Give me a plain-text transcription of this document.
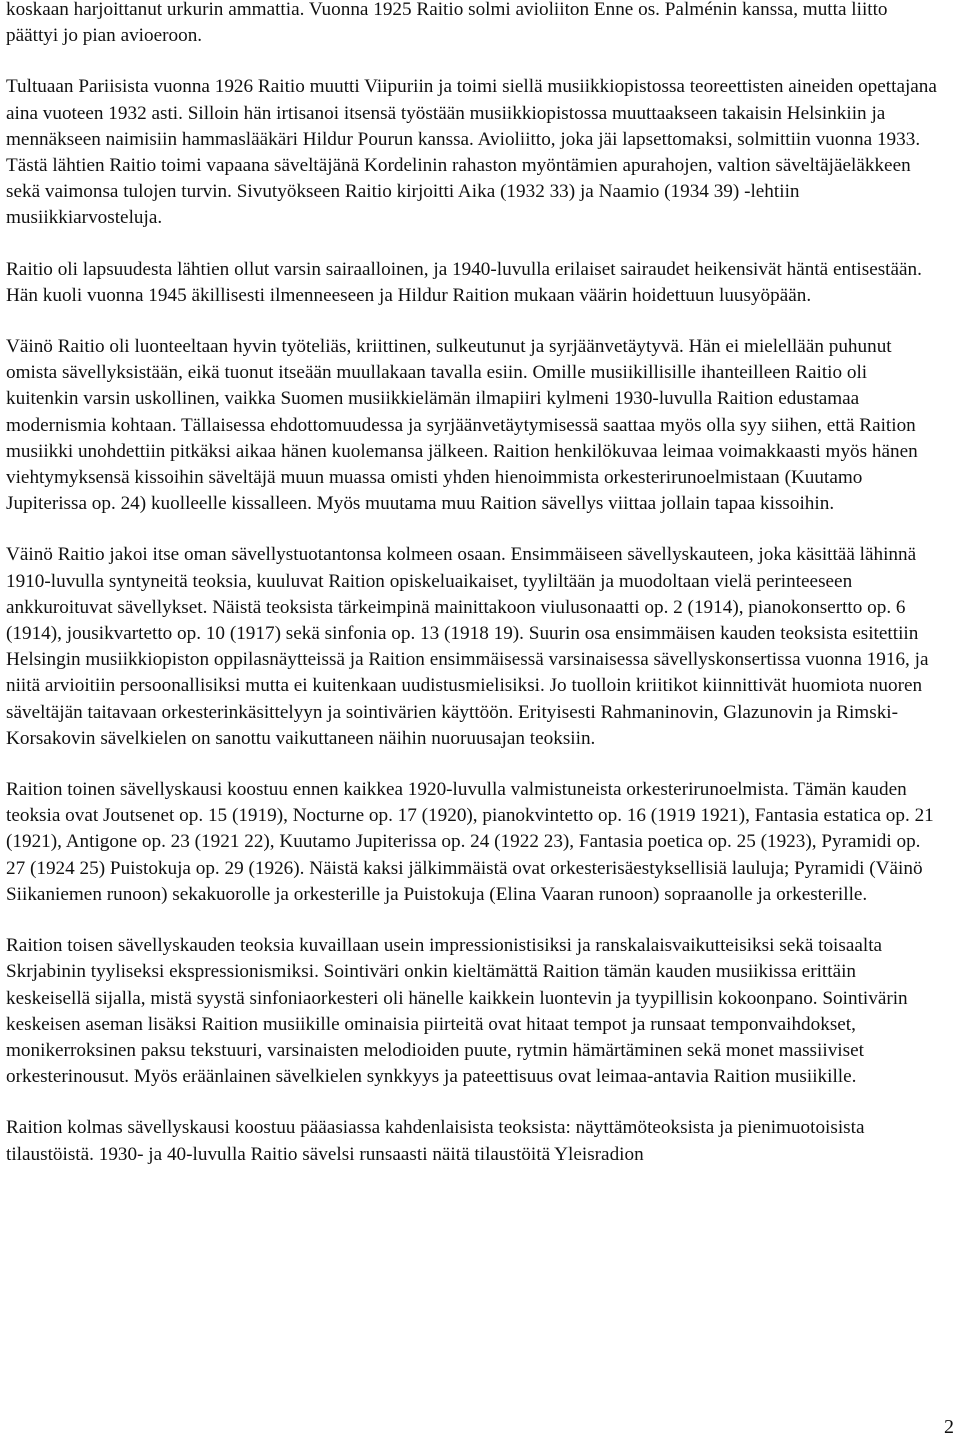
koskaan harjoittanut urkurin ammattia. Vuonna 1925 Raitio solmi avioliiton Enne os. Palménin kanssa, mutta liitto päättyi jo pian avioeroon.

Tultuaan Pariisista vuonna 1926 Raitio muutti Viipuriin ja toimi siellä musiikkiopistossa teoreettisten aineiden opettajana aina vuoteen 1932 asti. Silloin hän irtisanoi itsensä työstään musiikkiopistossa muuttaakseen takaisin Helsinkiin ja mennäkseen naimisiin hammaslääkäri Hildur Pourun kanssa. Avioliitto, joka jäi lapsettomaksi, solmittiin vuonna 1933. Tästä lähtien Raitio toimi vapaana säveltäjänä Kordelinin rahaston myöntämien apurahojen, valtion säveltäjäeläkkeen sekä vaimonsa tulojen turvin. Sivutyökseen Raitio kirjoitti Aika (1932 33) ja Naamio (1934 39) -lehtiin musiikkiarvosteluja.

Raitio oli lapsuudesta lähtien ollut varsin sairaalloinen, ja 1940-luvulla erilaiset sairaudet heikensivät häntä entisestään. Hän kuoli vuonna 1945 äkillisesti ilmenneeseen ja Hildur Raition mukaan väärin hoidettuun luusyöpään.

Väinö Raitio oli luonteeltaan hyvin työteliäs, kriittinen, sulkeutunut ja syrjäänvetäytyvä. Hän ei mielellään puhunut omista sävellyksistään, eikä tuonut itseään muullakaan tavalla esiin. Omille musiikillisille ihanteilleen Raitio oli kuitenkin varsin uskollinen, vaikka Suomen musiikkielämän ilmapiiri kylmeni 1930-luvulla Raition edustamaa modernismia kohtaan. Tällaisessa ehdottomuudessa ja syrjäänvetäytymisessä saattaa myös olla syy siihen, että Raition musiikki unohdettiin pitkäksi aikaa hänen kuolemansa jälkeen. Raition henkilökuvaa leimaa voimakkaasti myös hänen viehtymyksensä kissoihin säveltäjä muun muassa omisti yhden hienoimmista orkesterirunoelmistaan (Kuutamo Jupiterissa op. 24) kuolleelle kissalleen. Myös muutama muu Raition sävellys viittaa jollain tapaa kissoihin.

Väinö Raitio jakoi itse oman sävellystuotantonsa kolmeen osaan. Ensimmäiseen sävellyskauteen, joka käsittää lähinnä 1910-luvulla syntyneitä teoksia, kuuluvat Raition opiskeluaikaiset, tyyliltään ja muodoltaan vielä perinteeseen ankkuroituvat sävellykset. Näistä teoksista tärkeimpinä mainittakoon viulusonaatti op. 2 (1914), pianokonsertto op. 6 (1914), jousikvartetto op. 10 (1917) sekä sinfonia op. 13 (1918 19). Suurin osa ensimmäisen kauden teoksista esitettiin Helsingin musiikkiopiston oppilasnäytteissä ja Raition ensimmäisessä varsinaisessa sävellyskonsertissa vuonna 1916, ja niitä arvioitiin persoonallisiksi mutta ei kuitenkaan uudistusmielisiksi. Jo tuolloin kriitikot kiinnittivät huomiota nuoren säveltäjän taitavaan orkesterinkäsittelyyn ja sointivärien käyttöön. Erityisesti Rahmaninovin, Glazunovin ja Rimski-Korsakovin sävelkielen on sanottu vaikuttaneen näihin nuoruusajan teoksiin.

Raition toinen sävellyskausi koostuu ennen kaikkea 1920-luvulla valmistuneista orkesterirunoelmista. Tämän kauden teoksia ovat Joutsenet op. 15 (1919), Nocturne op. 17 (1920), pianokvintetto op. 16 (1919 1921), Fantasia estatica op. 21 (1921), Antigone op. 23 (1921 22), Kuutamo Jupiterissa op. 24 (1922 23), Fantasia poetica op. 25 (1923), Pyramidi op. 27 (1924 25) Puistokuja op. 29 (1926). Näistä kaksi jälkimmäistä ovat orkesterisäestyksellisiä lauluja; Pyramidi (Väinö Siikaniemen runoon) sekakuorolle ja orkesterille ja Puistokuja (Elina Vaaran runoon) sopraanolle ja orkesterille.

Raition toisen sävellyskauden teoksia kuvaillaan usein impressionistisiksi ja ranskalaisvaikutteisiksi sekä toisaalta Skrjabinin tyyliseksi ekspressionismiksi. Sointiväri onkin kieltämättä Raition tämän kauden musiikissa erittäin keskeisellä sijalla, mistä syystä sinfoniaorkesteri oli hänelle kaikkein luontevin ja tyypillisin kokoonpano. Sointivärin keskeisen aseman lisäksi Raition musiikille ominaisia piirteitä ovat hitaat tempot ja runsaat temponvaihdokset, monikerroksinen paksu tekstuuri, varsinaisten melodioiden puute, rytmin hämärtäminen sekä monet massiiviset orkesterinousut. Myös eräänlainen sävelkielen synkkyys ja pateettisuus ovat leimaa-antavia Raition musiikille.

Raition kolmas sävellyskausi koostuu pääasiassa kahdenlaisista teoksista: näyttämöteoksista ja pienimuotoisista tilaustöistä. 1930- ja 40-luvulla Raitio sävelsi runsaasti näitä tilaustöitä Yleisradion

2
